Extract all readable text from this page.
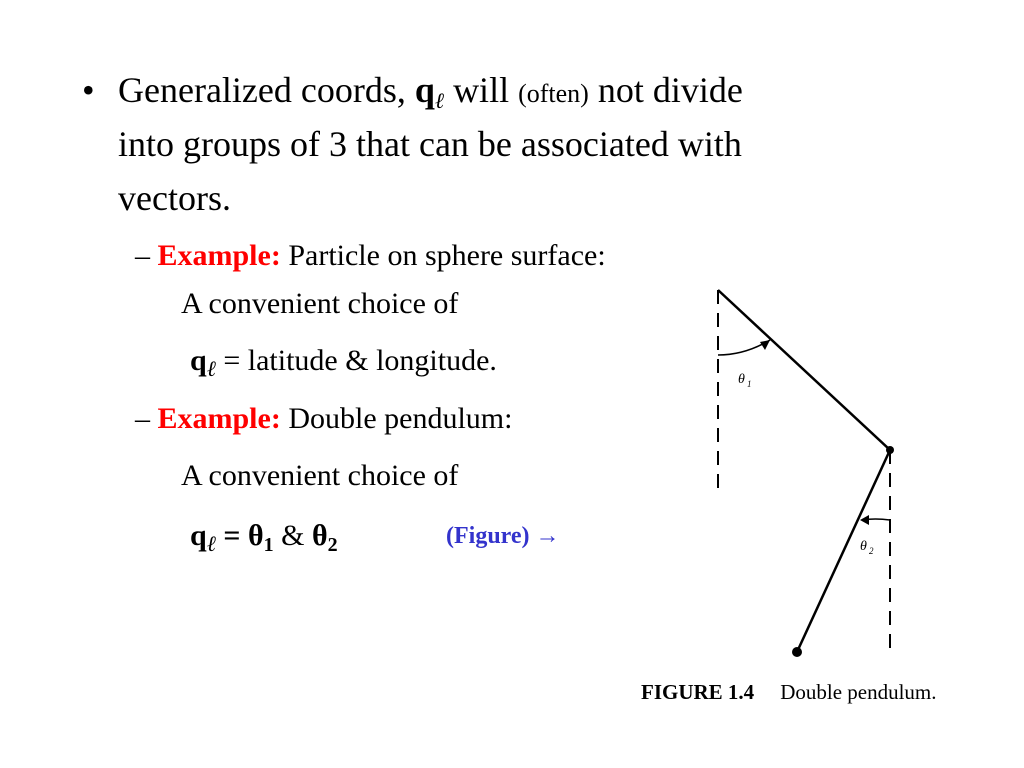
• Generalized coords, $q_\ell$ will (often) not divide
into groups of 3 that can be associated with
vectors.
– Example: Particle on sphere surface:
A convenient choice of
$q_\ell$ = latitude & longitude.
– Example: Double pendulum:
A convenient choice of
$q_\ell = \theta_1$ & $\theta_2$	(Figure) →
θ 1
θ 2
FIGURE 1.4 Double pendulum.
